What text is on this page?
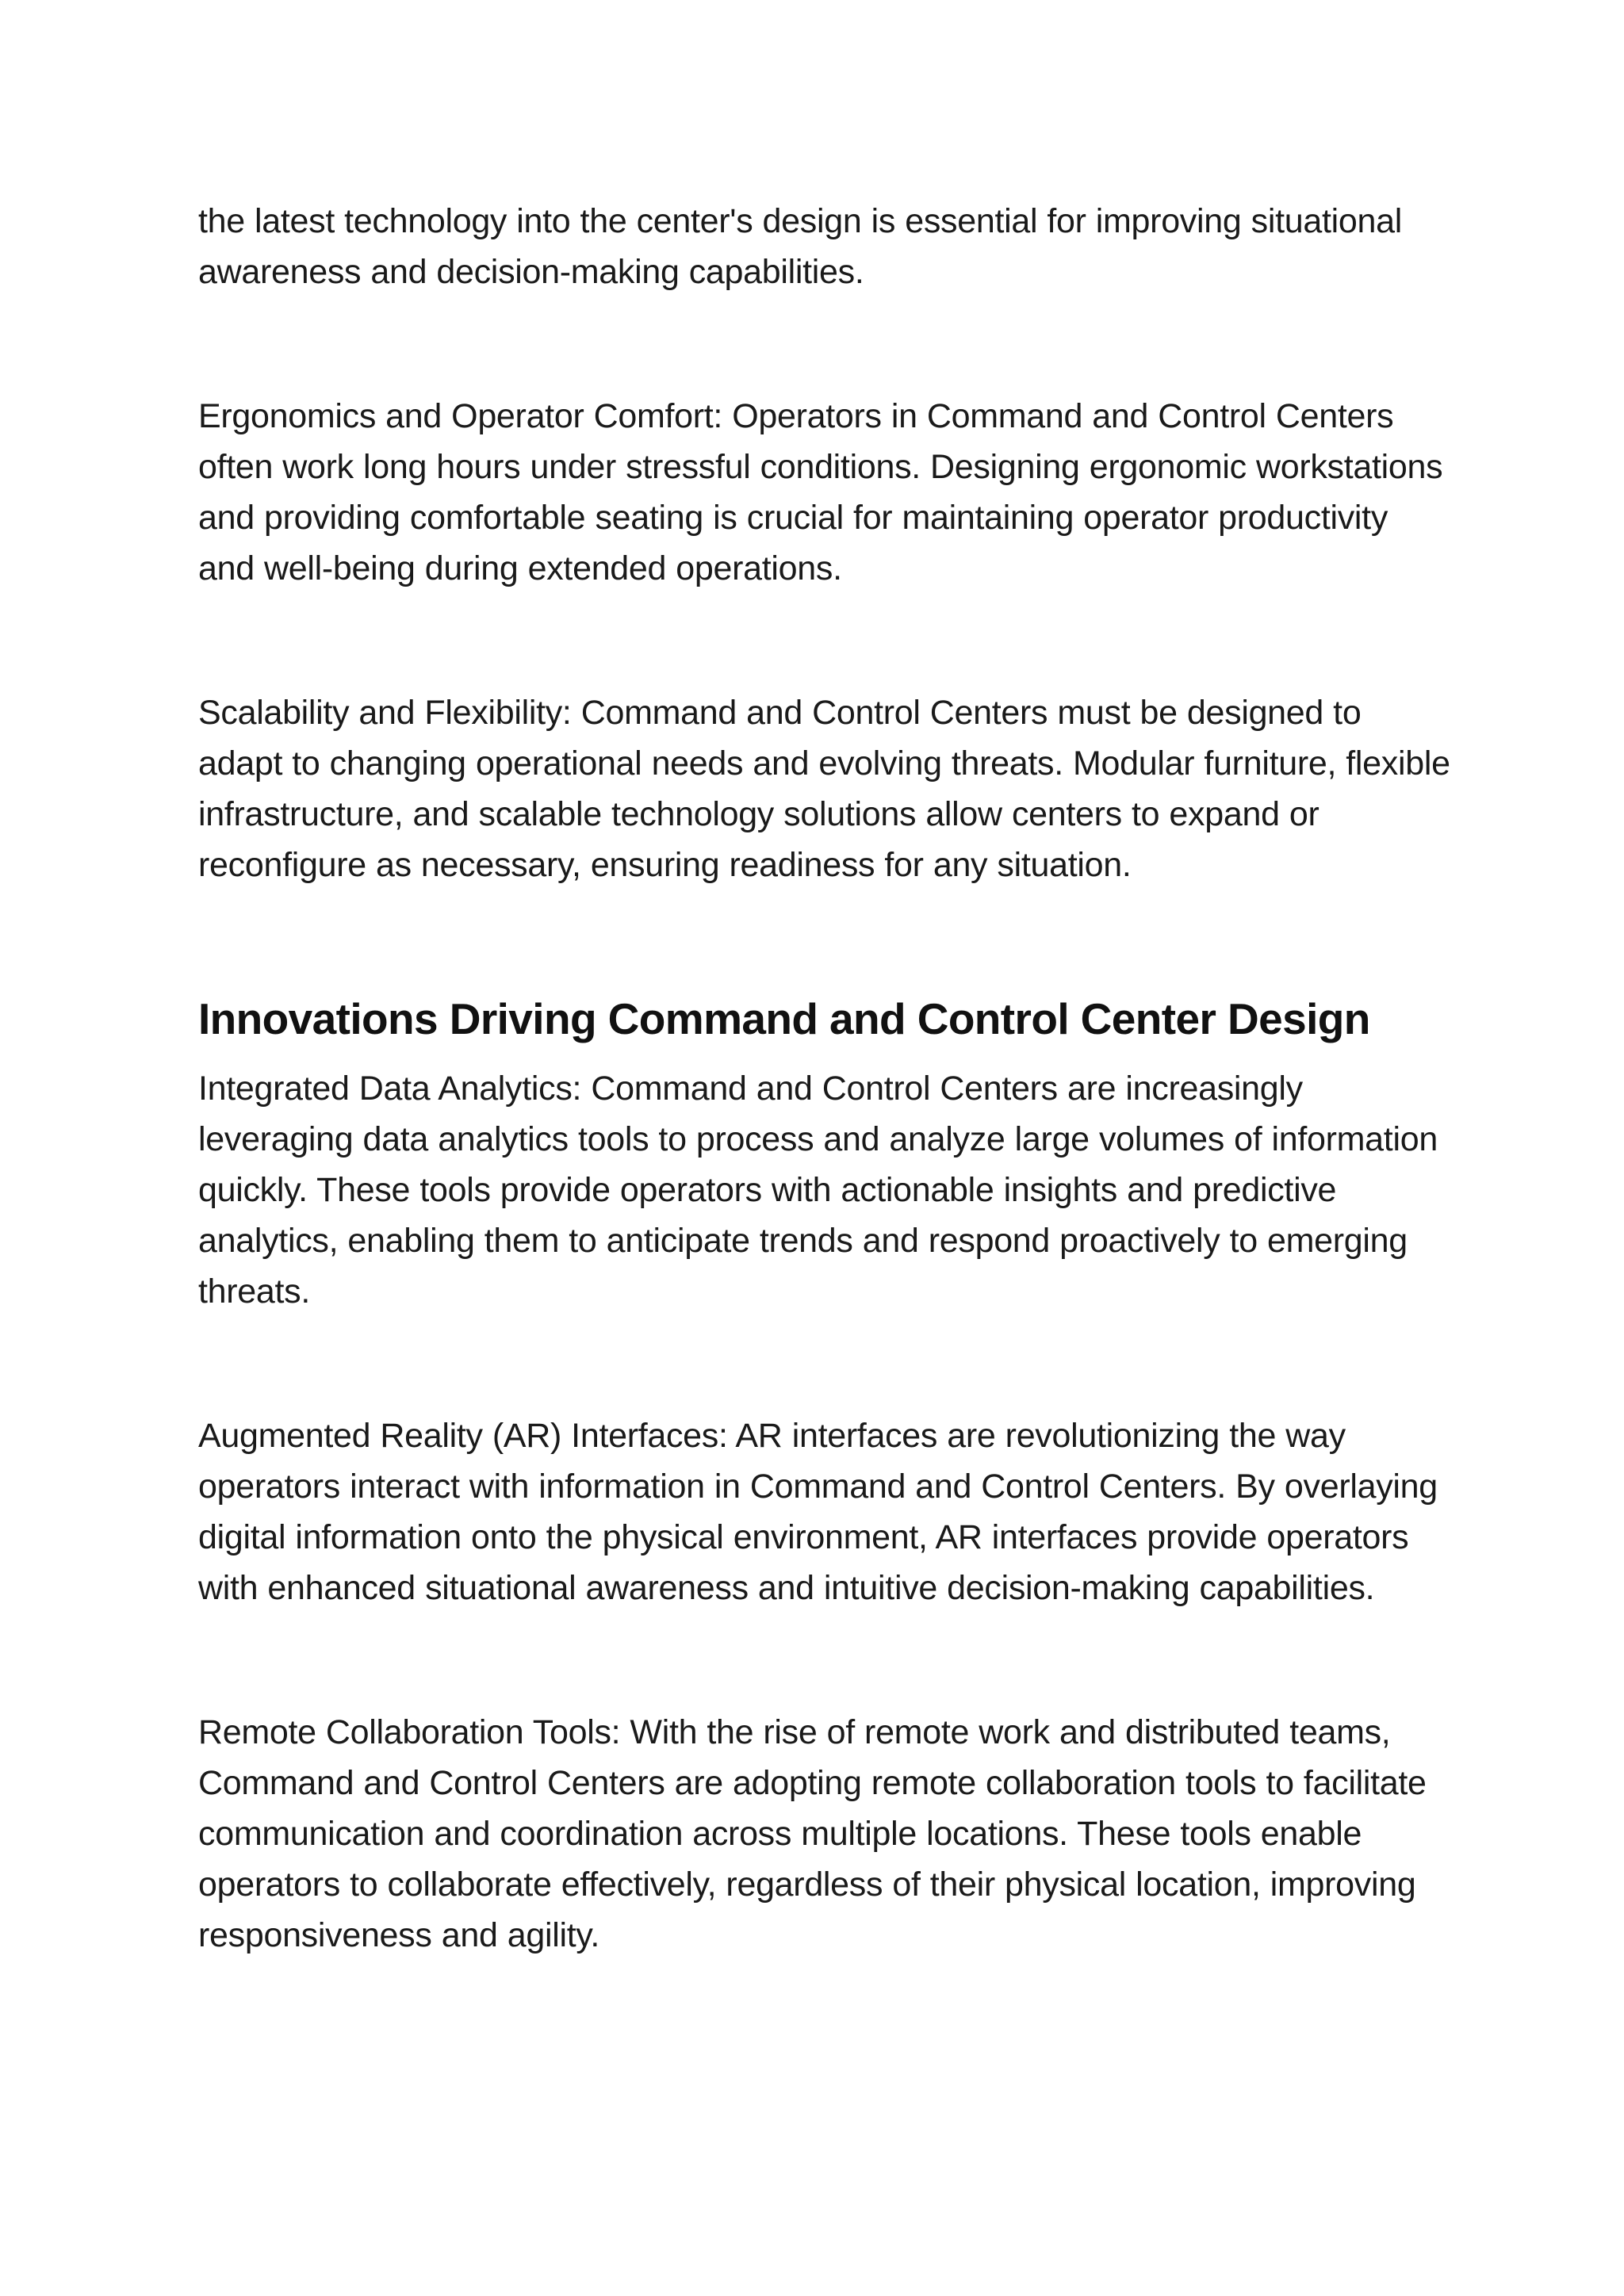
the latest technology into the center's design is essential for improving situational awareness and decision-making capabilities.

Ergonomics and Operator Comfort: Operators in Command and Control Centers often work long hours under stressful conditions. Designing ergonomic workstations and providing comfortable seating is crucial for maintaining operator productivity and well-being during extended operations.

Scalability and Flexibility: Command and Control Centers must be designed to adapt to changing operational needs and evolving threats. Modular furniture, flexible infrastructure, and scalable technology solutions allow centers to expand or reconfigure as necessary, ensuring readiness for any situation.

Innovations Driving Command and Control Center Design

Integrated Data Analytics: Command and Control Centers are increasingly leveraging data analytics tools to process and analyze large volumes of information quickly. These tools provide operators with actionable insights and predictive analytics, enabling them to anticipate trends and respond proactively to emerging threats.

Augmented Reality (AR) Interfaces: AR interfaces are revolutionizing the way operators interact with information in Command and Control Centers. By overlaying digital information onto the physical environment, AR interfaces provide operators with enhanced situational awareness and intuitive decision-making capabilities.

Remote Collaboration Tools: With the rise of remote work and distributed teams, Command and Control Centers are adopting remote collaboration tools to facilitate communication and coordination across multiple locations. These tools enable operators to collaborate effectively, regardless of their physical location, improving responsiveness and agility.
